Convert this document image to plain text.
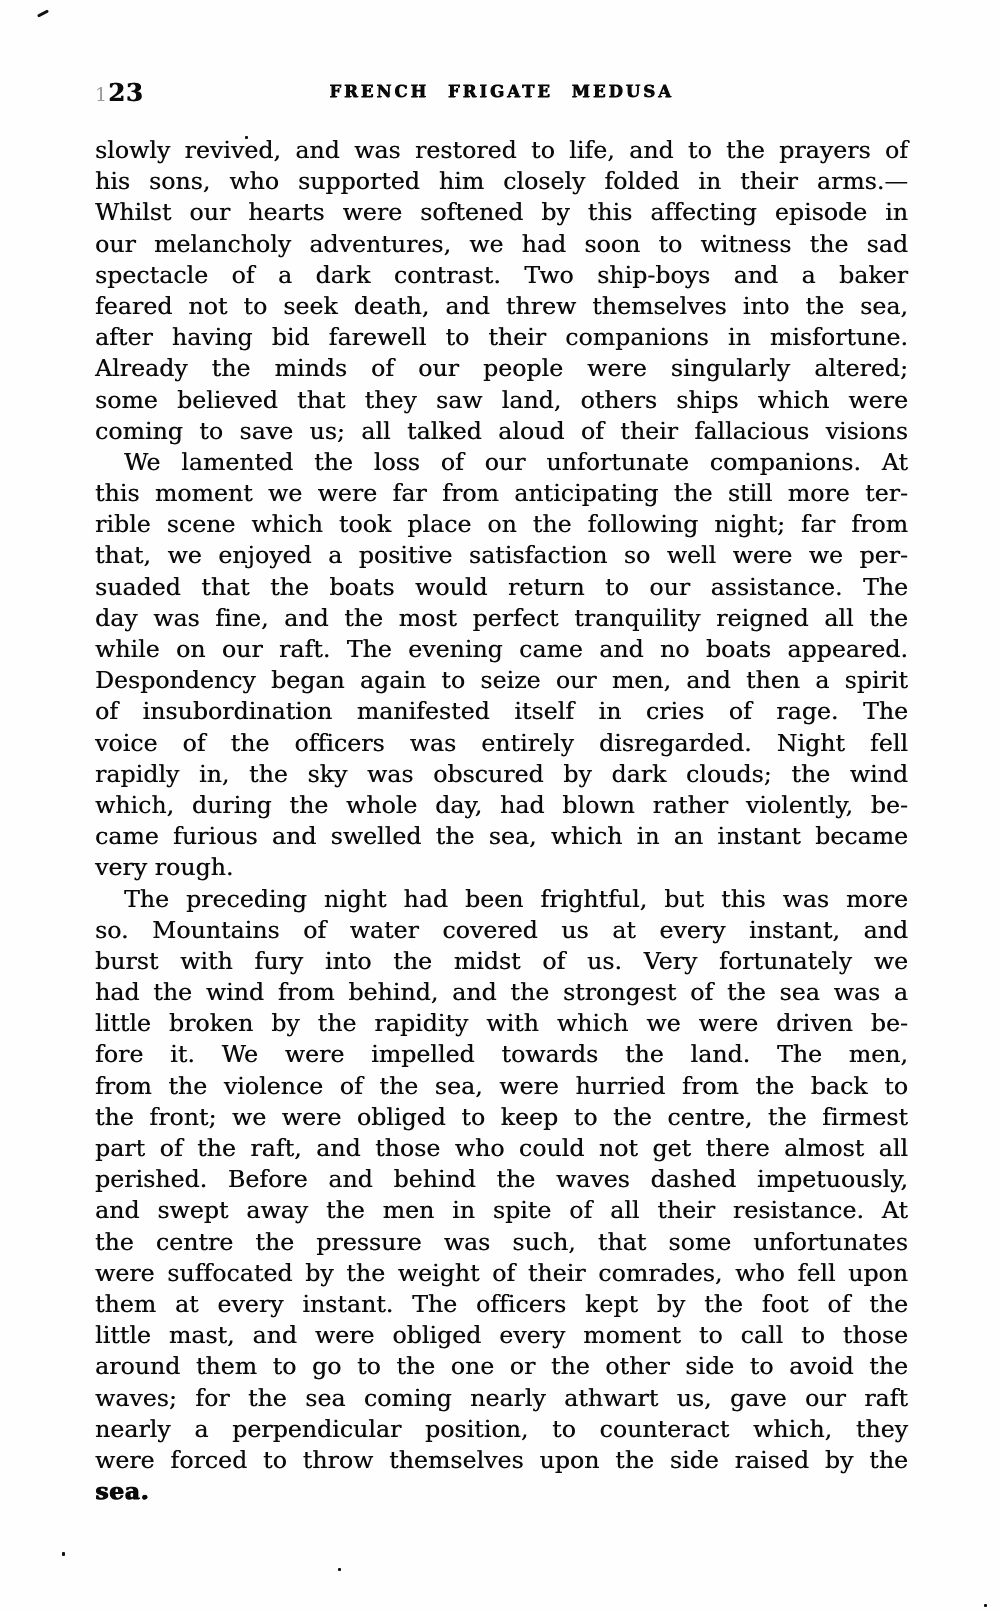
123	FRENCH FRIGATE MEDUSA
slowly revived, and was restored to life, and to the prayers of
his sons, who supported him closely folded in their arms.—
Whilst our hearts were softened by this affecting episode in
our melancholy adventures, we had soon to witness the sad
spectacle of a dark contrast. Two ship-boys and a baker
feared not to seek death, and threw themselves into the sea,
after having bid farewell to their companions in misfortune.
Already the minds of our people were singularly altered;
some believed that they saw land, others ships which were
coming to save us; all talked aloud of their fallacious visions
We lamented the loss of our unfortunate companions. At
this moment we were far from anticipating the still more ter-
rible scene which took place on the following night; far from
that, we enjoyed a positive satisfaction so well were we per-
suaded that the boats would return to our assistance. The
day was fine, and the most perfect tranquility reigned all the
while on our raft. The evening came and no boats appeared.
Despondency began again to seize our men, and then a spirit
of insubordination manifested itself in cries of rage. The
voice of the officers was entirely disregarded. Night fell
rapidly in, the sky was obscured by dark clouds; the wind
which, during the whole day, had blown rather violently, be-
came furious and swelled the sea, which in an instant became
very rough.
The preceding night had been frightful, but this was more
so. Mountains of water covered us at every instant, and
burst with fury into the midst of us. Very fortunately we
had the wind from behind, and the strongest of the sea was a
little broken by the rapidity with which we were driven be-
fore it. We were impelled towards the land. The men,
from the violence of the sea, were hurried from the back to
the front; we were obliged to keep to the centre, the firmest
part of the raft, and those who could not get there almost all
perished. Before and behind the waves dashed impetuously,
and swept away the men in spite of all their resistance. At
the centre the pressure was such, that some unfortunates
were suffocated by the weight of their comrades, who fell upon
them at every instant. The officers kept by the foot of the
little mast, and were obliged every moment to call to those
around them to go to the one or the other side to avoid the
waves; for the sea coming nearly athwart us, gave our raft
nearly a perpendicular position, to counteract which, they
were forced to throw themselves upon the side raised by the
sea.
